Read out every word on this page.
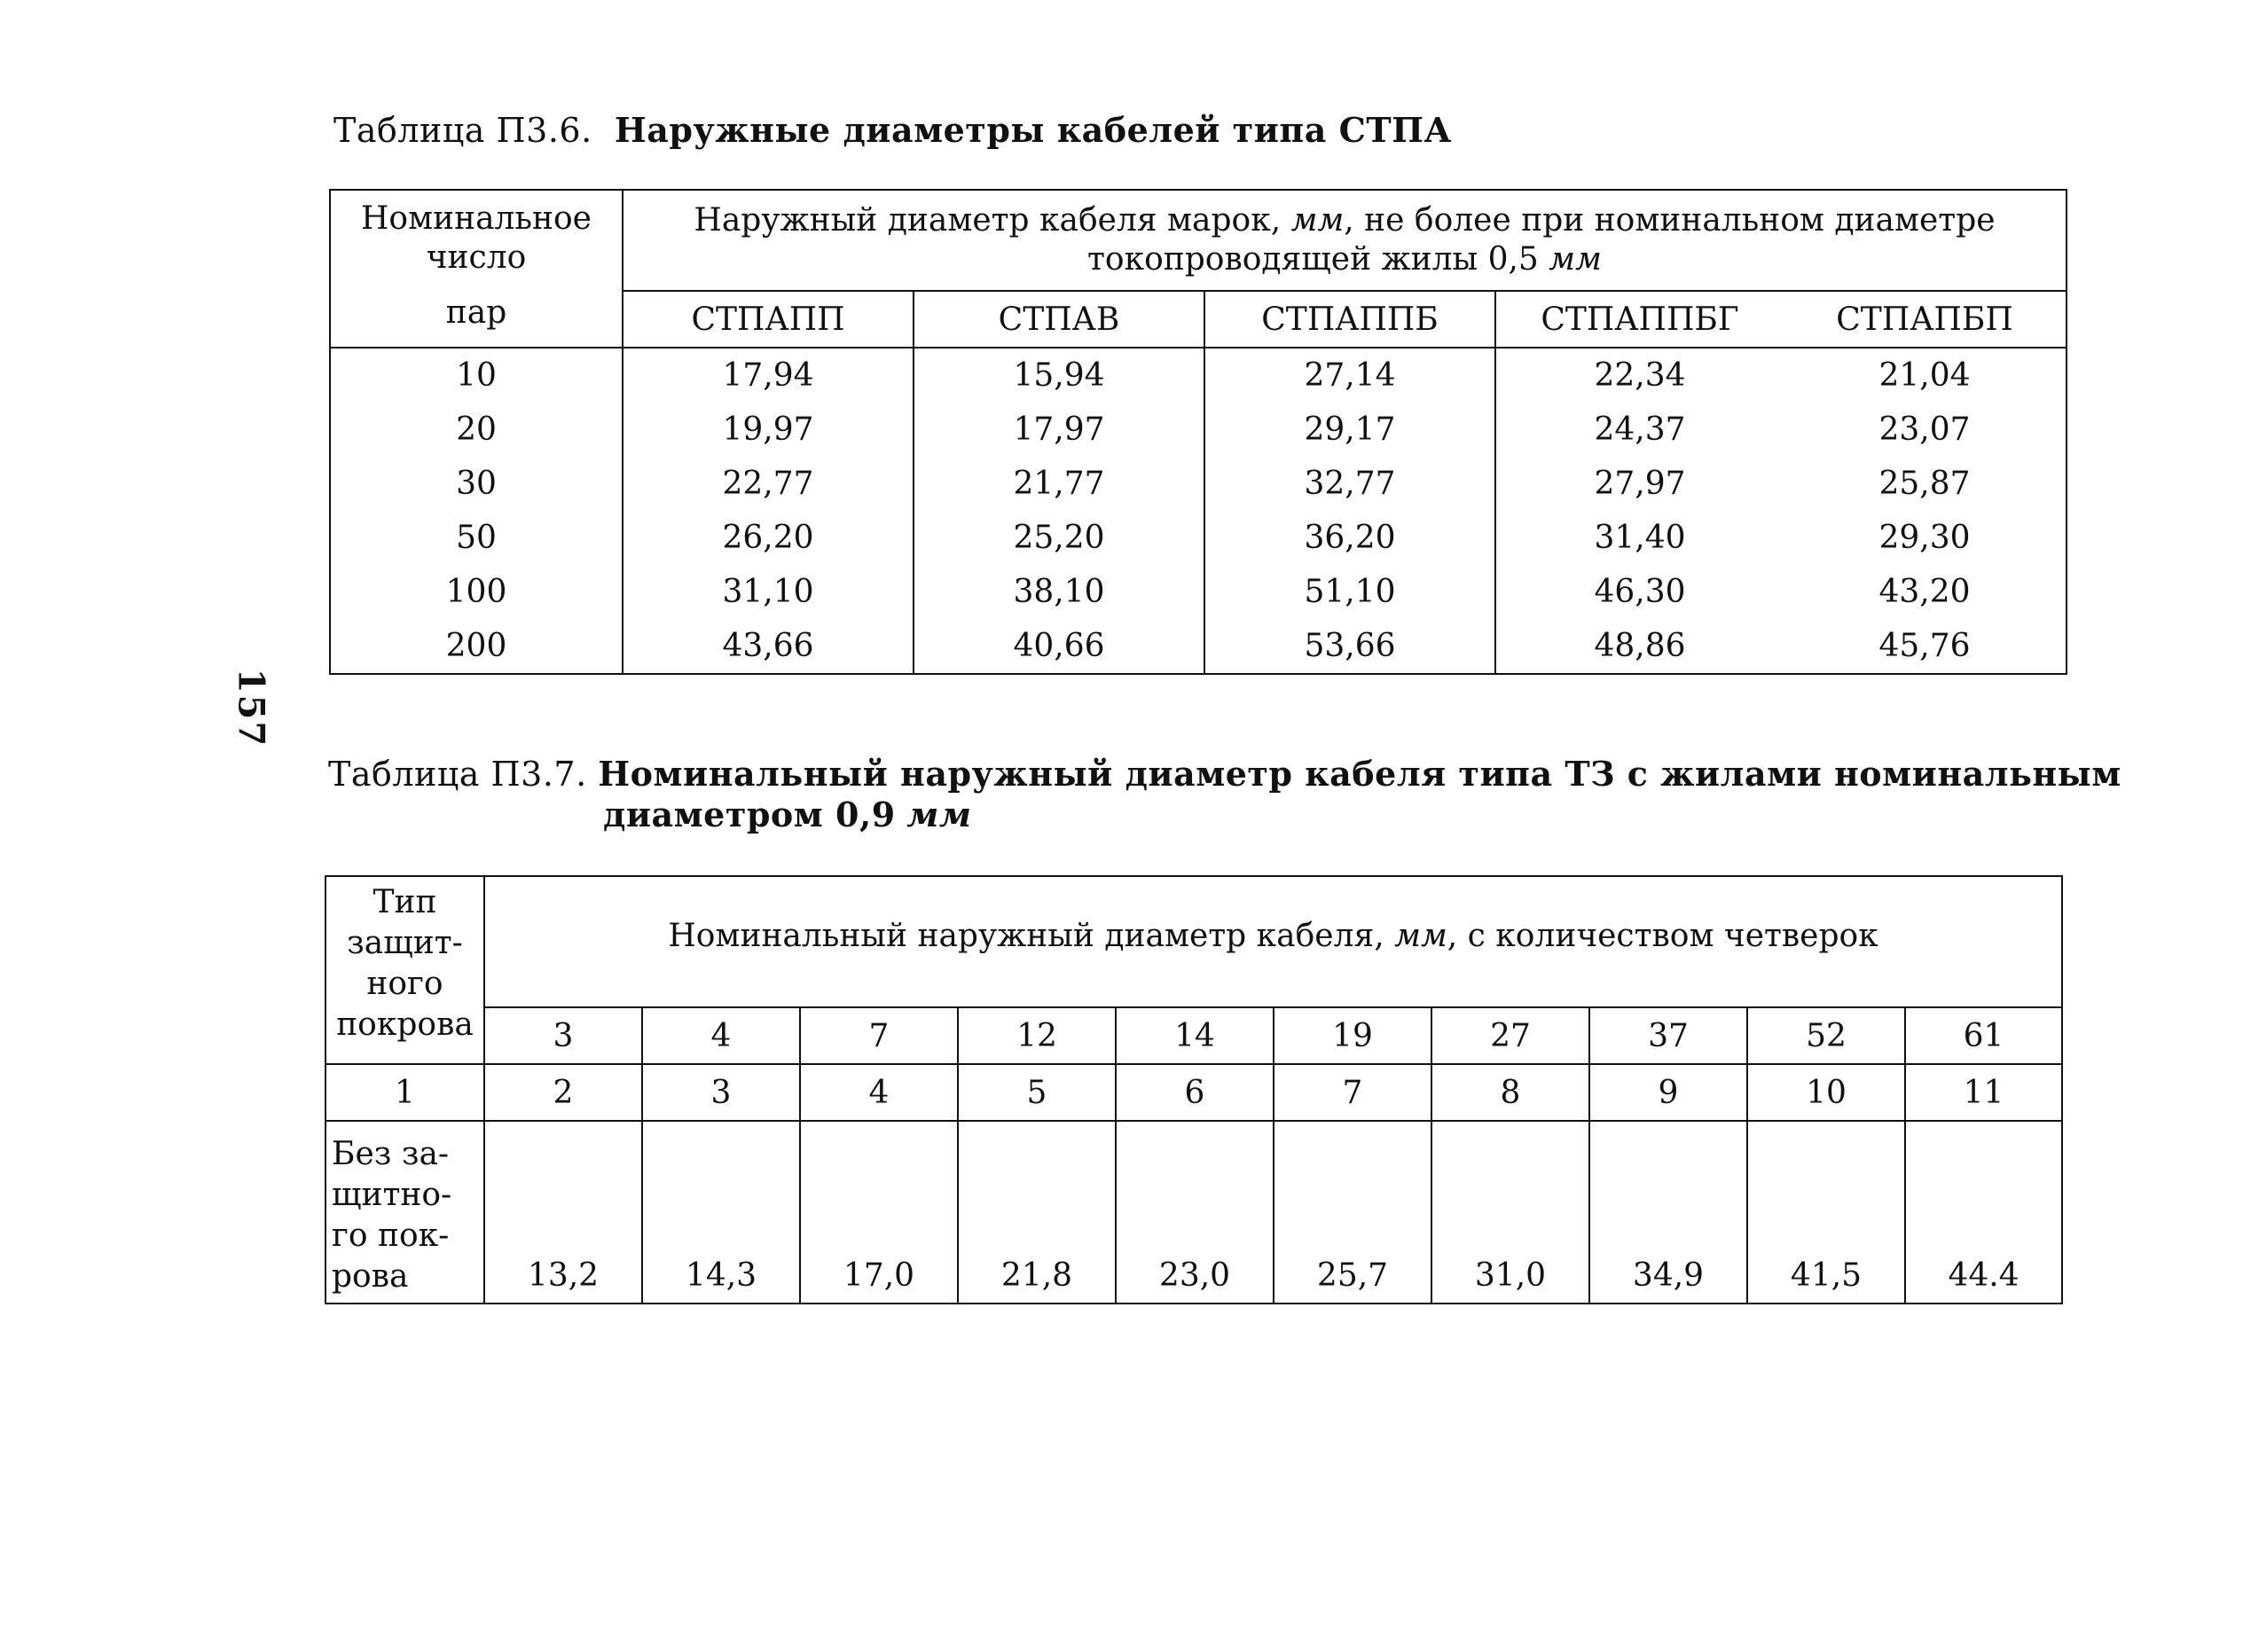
157
Таблица П3.6. Наружные диаметры кабелей типа СТПА
Номинальное
число
пар	Наружный диаметр кабеля марок, мм, не более при номинальном диаметре
токопроводящей жилы 0,5 мм				

	СТПАПП	СТПАВ	СТПАППБ	СТПАППБГ	СТПАПБП
10	17,94	15,94	27,14	22,34	21,04
20	19,97	17,97	29,17	24,37	23,07
30	22,77	21,77	32,77	27,97	25,87
50	26,20	25,20	36,20	31,40	29,30
100	31,10	38,10	51,10	46,30	43,20
200	43,66	40,66	53,66	48,86	45,76
Таблица П3.7. Номинальный наружный диаметр кабеля типа ТЗ с жилами номинальным
диаметром 0,9 мм
Тип
защит-
ного
покрова	Номинальный наружный диаметр кабеля, мм, с количеством четверок									
	3	4	7	12	14	19	27	37	52	61
1	2	3	4	5	6	7	8	9	10	11

Без за-
щитно-
го пок-
рова	13,2	14,3	17,0	21,8	23,0	25,7	31,0	34,9	41,5	44.4
